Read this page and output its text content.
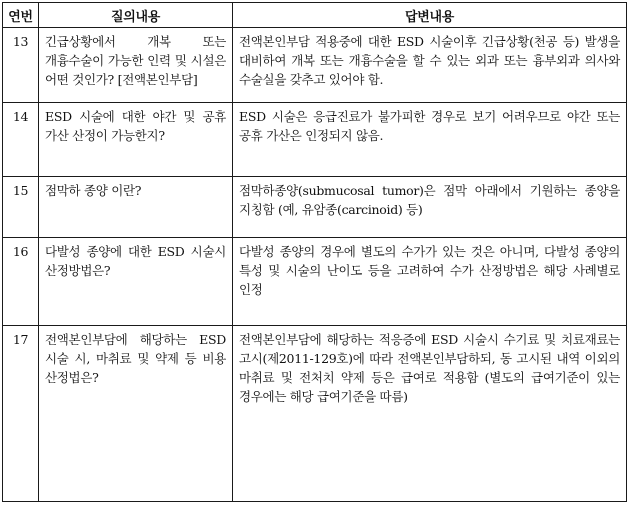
연번	질의내용	답변내용
13	긴급상황에서 개복 또는 개흉수술이 가능한 인력 및 시설은 어떤 것인가? [전액본인부담]	전액본인부담 적용중에 대한 ESD 시술이후 긴급상황(천공 등) 발생을 대비하여 개복 또는 개흉수술을 할 수 있는 외과 또는 흉부외과 의사와 수술실을 갖추고 있어야 함.
14	ESD 시술에 대한 야간 및 공휴 가산 산정이 가능한지?	ESD 시술은 응급진료가 불가피한 경우로 보기 어려우므로 야간 또는 공휴 가산은 인정되지 않음.
15	점막하 종양 이란?	점막하종양(submucosal tumor)은 점막 아래에서 기원하는 종양을 지칭함 (예, 유암종(carcinoid) 등)
16	다발성 종양에 대한 ESD 시술시 산정방법은?	다발성 종양의 경우에 별도의 수가가 있는 것은 아니며, 다발성 종양의 특성 및 시술의 난이도 등을 고려하여 수가 산정방법은 해당 사례별로 인정
17	전액본인부담에 해당하는 ESD 시술 시, 마취료 및 약제 등 비용 산정법은?	전액본인부담에 해당하는 적응증에 ESD 시술시 수기료 및 치료재료는 고시(제2011-129호)에 따라 전액본인부담하되, 동 고시된 내역 이외의 마취료 및 전처치 약제 등은 급여로 적용함 (별도의 급여기준이 있는 경우에는 해당 급여기준을 따름)
